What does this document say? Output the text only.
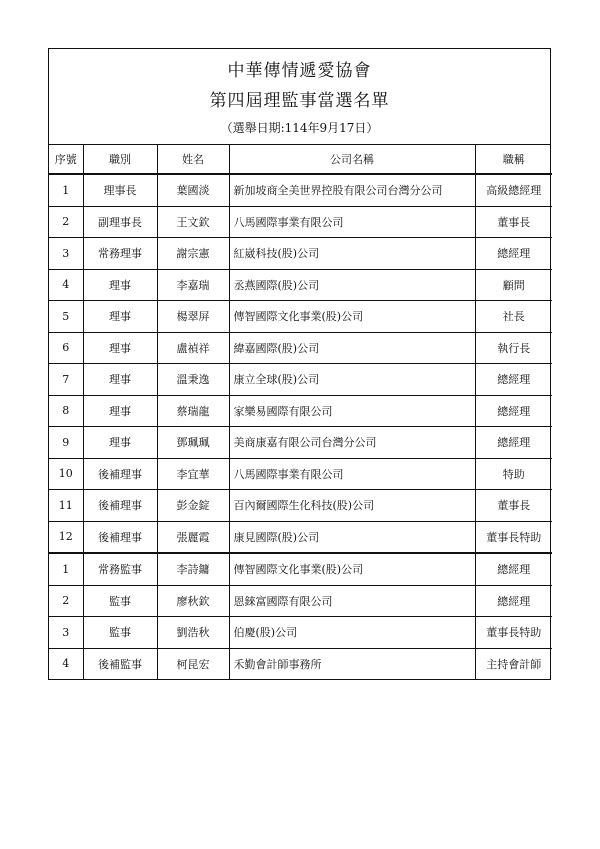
中華傳情遞愛協會
第四屆理監事當選名單
（選舉日期:114年9月17日）
序號	職別	姓名	公司名稱	職稱
1	理事長	葉國淡	新加坡商全美世界控股有限公司台灣分公司	高級總經理
2	副理事長	王文欽	八馬國際事業有限公司	董事長
3	常務理事	謝宗憲	紅崴科技(股)公司	總經理
4	理事	李嘉瑞	丞燕國際(股)公司	顧問
5	理事	楊翠屏	傳智國際文化事業(股)公司	社長
6	理事	盧禎祥	緯嘉國際(股)公司	執行長
7	理事	溫秉逸	康立全球(股)公司	總經理
8	理事	蔡瑞龍	家樂易國際有限公司	總經理
9	理事	鄧珮珮	美商康嘉有限公司台灣分公司	總經理
10	後補理事	李宜華	八馬國際事業有限公司	特助
11	後補理事	彭金錠	百內爾國際生化科技(股)公司	董事長
12	後補理事	張麗霞	康見國際(股)公司	董事長特助
1	常務監事	李詩鏞	傳智國際文化事業(股)公司	總經理
2	監事	廖秋欽	恩錸富國際有限公司	總經理
3	監事	劉浩秋	伯慶(股)公司	董事長特助
4	後補監事	柯昆宏	禾勤會計師事務所	主持會計師
